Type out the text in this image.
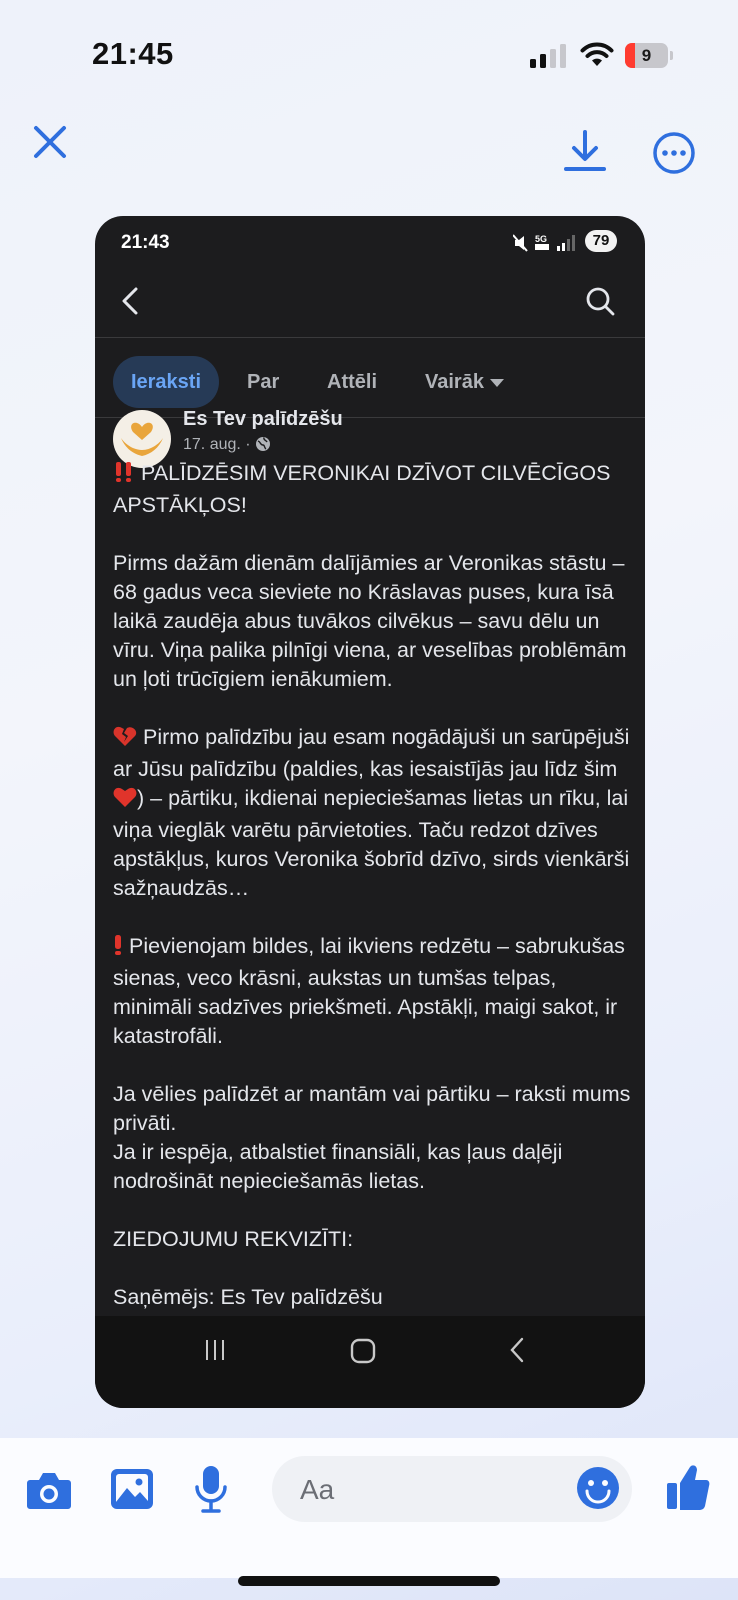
21:45	9
21:43	5G	79
Ieraksti	Par Attēli Vairāk
Es Tev palīdzēšu
17. aug. ·

PALĪDZĒSIM VERONIKAI DZĪVOT CILVĒCĪGOS APSTĀKĻOS!

Pirms dažām dienām dalījāmies ar Veronikas stāstu – 68 gadus veca sieviete no Krāslavas puses, kura īsā laikā zaudēja abus tuvākos cilvēkus – savu dēlu un vīru. Viņa palika pilnīgi viena, ar veselības problēmām un ļoti trūcīgiem ienākumiem.

Pirmo palīdzību jau esam nogādājuši un sarūpējuši ar Jūsu palīdzību (paldies, kas iesaistījās jau līdz šim) – pārtiku, ikdienai nepieciešamas lietas un rīku, lai viņa vieglāk varētu pārvietoties. Taču redzot dzīves apstākļus, kuros Veronika šobrīd dzīvo, sirds vienkārši sažņaudzās…

Pievienojam bildes, lai ikviens redzētu – sabrukušas sienas, veco krāsni, aukstas un tumšas telpas, minimāli sadzīves priekšmeti. Apstākļi, maigi sakot, ir katastrofāli.

Ja vēlies palīdzēt ar mantām vai pārtiku – raksti mums privāti.
Ja ir iespēja, atbalstiet finansiāli, kas ļaus daļēji nodrošināt nepieciešamās lietas.

ZIEDOJUMU REKVIZĪTI:

Saņēmējs: Es Tev palīdzēšu

Aa
